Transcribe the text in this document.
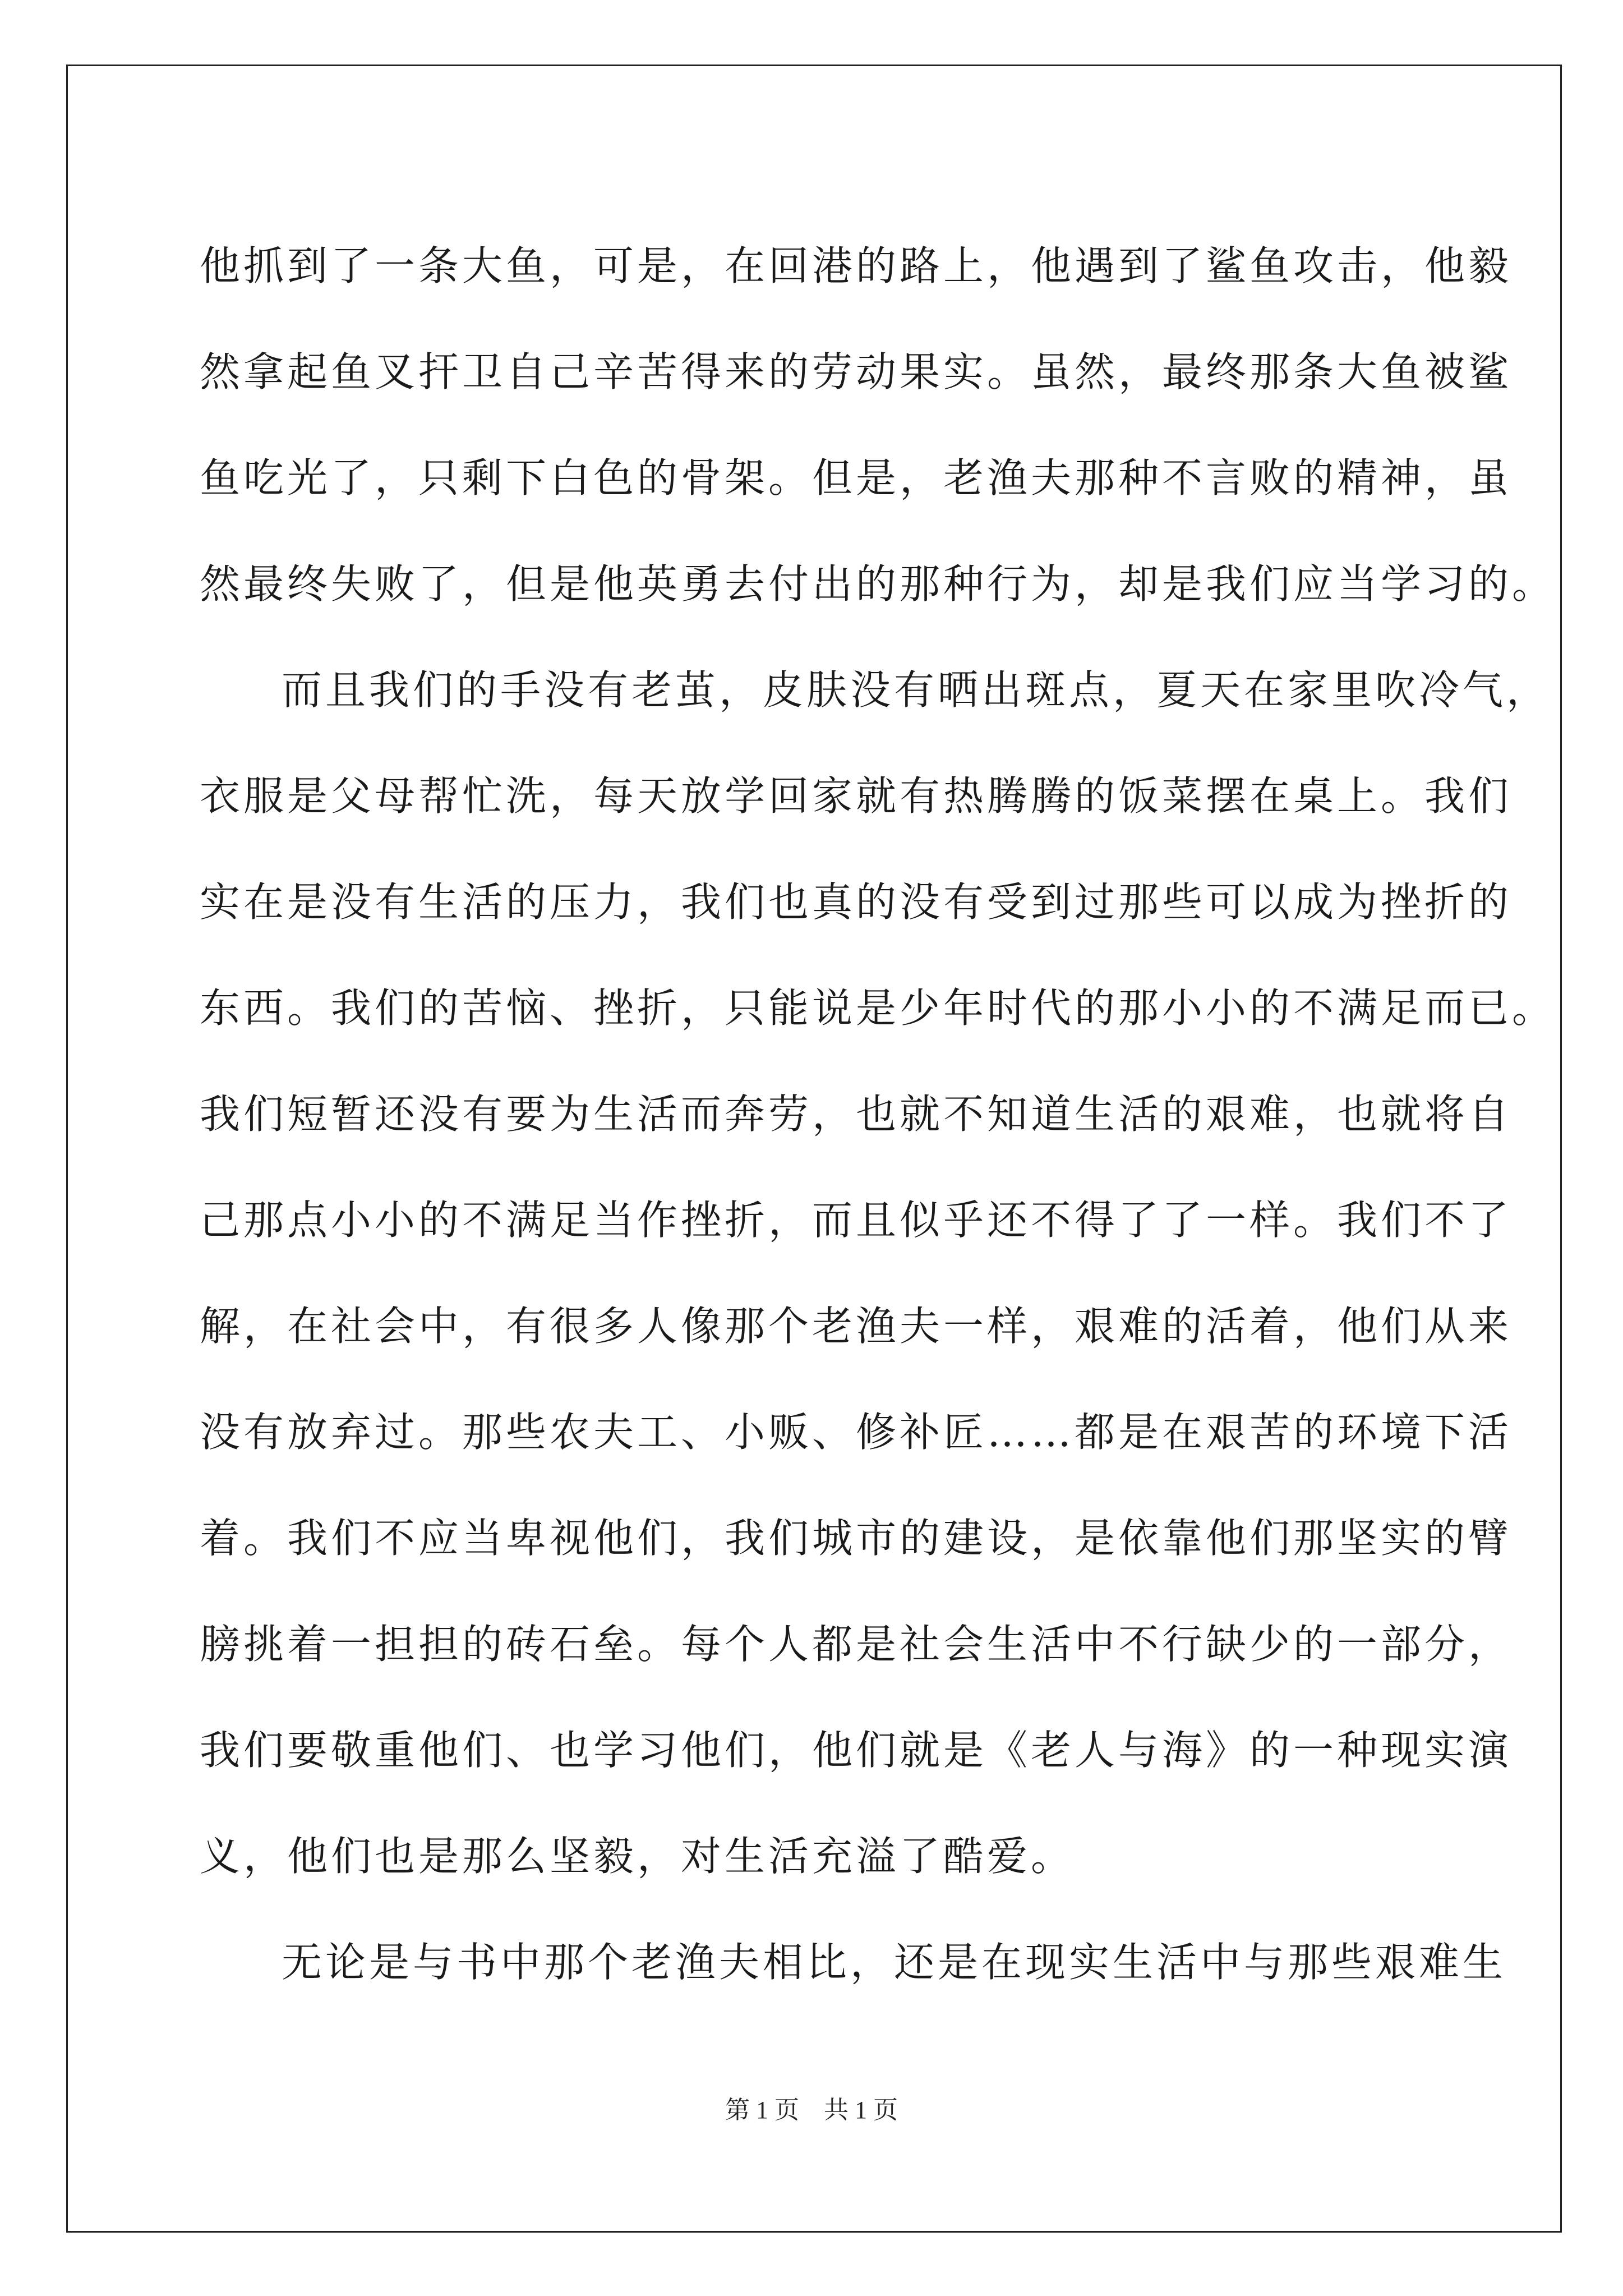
他抓到了一条大鱼，可是，在回港的路上，他遇到了鲨鱼攻击，他毅
然拿起鱼叉扞卫自己辛苦得来的劳动果实。虽然，最终那条大鱼被鲨
鱼吃光了，只剩下白色的骨架。但是，老渔夫那种不言败的精神，虽
然最终失败了，但是他英勇去付出的那种行为，却是我们应当学习的。
而且我们的手没有老茧，皮肤没有晒出斑点，夏天在家里吹冷气，
衣服是父母帮忙洗，每天放学回家就有热腾腾的饭菜摆在桌上。我们
实在是没有生活的压力，我们也真的没有受到过那些可以成为挫折的
东西。我们的苦恼、挫折，只能说是少年时代的那小小的不满足而已。
我们短暂还没有要为生活而奔劳，也就不知道生活的艰难，也就将自
己那点小小的不满足当作挫折，而且似乎还不得了了一样。我们不了
解，在社会中，有很多人像那个老渔夫一样，艰难的活着，他们从来
没有放弃过。那些农夫工、小贩、修补匠……都是在艰苦的环境下活
着。我们不应当卑视他们，我们城市的建设，是依靠他们那坚实的臂
膀挑着一担担的砖石垒。每个人都是社会生活中不行缺少的一部分，
我们要敬重他们、也学习他们，他们就是《老人与海》的一种现实演
义，他们也是那么坚毅，对生活充溢了酷爱。
无论是与书中那个老渔夫相比，还是在现实生活中与那些艰难生
第 1 页    共 1 页
